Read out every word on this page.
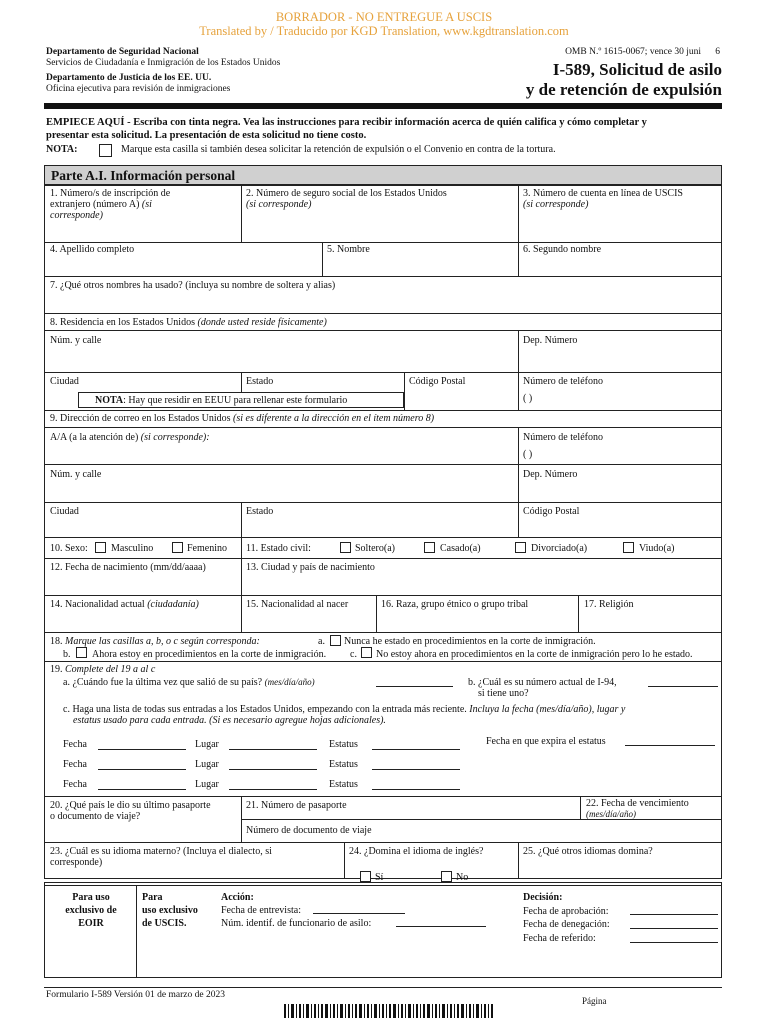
BORRADOR - NO ENTREGUE A USCIS
Translated by / Traducido por KGD Translation, www.kgdtranslation.com
Departamento de Seguridad Nacional
Servicios de Ciudadanía e Inmigración de los Estados Unidos
Departamento de Justicia de los EE. UU.
Oficina ejecutiva para revisión de inmigraciones
OMB N.º 1615-0067; vence 30 juni 6
I-589, Solicitud de asilo
y de retención de expulsión
EMPIECE AQUÍ - Escriba con tinta negra. Vea las instrucciones para recibir información acerca de quién califica y cómo completar y
presentar esta solicitud. La presentación de esta solicitud no tiene costo.
NOTA:	Marque esta casilla si también desea solicitar la retención de expulsión o el Convenio en contra de la tortura.
Parte A.I. Información personal
1. Número/s de inscripción de
extranjero (número A) (si
corresponde)
2. Número de seguro social de los Estados Unidos
(si corresponde)
3. Número de cuenta en línea de USCIS
(si corresponde)
4. Apellido completo	5. Nombre	6. Segundo nombre
7. ¿Qué otros nombres ha usado? (incluya su nombre de soltera y alias)
8. Residencia en los Estados Unidos (donde usted reside físicamente)
Núm. y calle	Dep. Número
Ciudad	Estado	Código Postal	Número de teléfono
( )
NOTA: Hay que residir en EEUU para rellenar este formulario
9. Dirección de correo en los Estados Unidos (si es diferente a la dirección en el ítem número 8)
A/A (a la atención de) (si corresponde):	Número de teléfono
( )
Núm. y calle	Dep. Número
Ciudad	Estado	Código Postal
10. Sexo: Masculino	Femenino 11. Estado civil:	Soltero(a)	Casado(a)	Divorciado(a)	Viudo(a)
12. Fecha de nacimiento (mm/dd/aaaa)	13. Ciudad y país de nacimiento
14. Nacionalidad actual (ciudadanía)	15. Nacionalidad al nacer	16. Raza, grupo étnico o grupo tribal	17. Religión
18. Marque las casillas a, b, o c según corresponda:	a. Nunca he estado en procedimientos en la corte de inmigración.
b. Ahora estoy en procedimientos en la corte de inmigración. c. No estoy ahora en procedimientos en la corte de inmigración pero lo he estado.
19. Complete del 19 a al c
a. ¿Cuándo fue la última vez que salió de su país? (mes/día/año)	b. ¿Cuál es su número actual de I-94,
si tiene uno?
c. Haga una lista de todas sus entradas a los Estados Unidos, empezando con la entrada más reciente. Incluya la fecha (mes/día/año), lugar y
estatus usado para cada entrada. (Si es necesario agregue hojas adicionales).
Fecha	Lugar	Estatus	Fecha en que expira el estatus
Fecha	Lugar	Estatus
Fecha	Lugar	Estatus
20. ¿Qué país le dio su último pasaporte
o documento de viaje?
21. Número de pasaporte	22. Fecha de vencimiento
(mes/día/año)
Número de documento de viaje
23. ¿Cuál es su idioma materno? (Incluya el dialecto, si
corresponde)
24. ¿Domina el idioma de inglés?
Sí	No
25. ¿Qué otros idiomas domina?
Para uso
exclusivo de
EOIR
Para
uso exclusivo
de USCIS.
Acción:
Fecha de entrevista:
Núm. identif. de funcionario de asilo:
Decisión:
Fecha de aprobación:
Fecha de denegación:
Fecha de referido:
Formulario I-589 Versión 01 de marzo de 2023
Página
